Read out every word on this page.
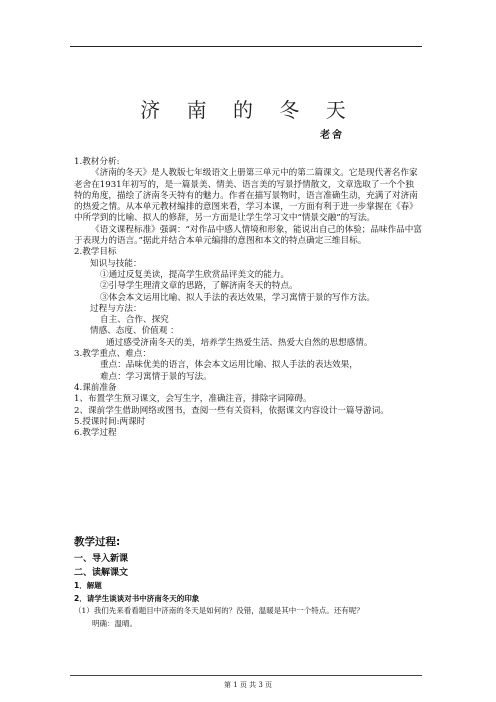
济 南 的 冬 天
老舍

1.教材分析:

《济南的冬天》是人教版七年级语文上册第三单元中的第二篇课文。它是现代著名作家老舍在1931年初写的，是一篇景美、情美、语言美的写景抒情散文，文章选取了一个个独特的角度，描绘了济南冬天特有的魅力。作者在描写景物时，语言准确生动，充满了对济南的热爱之情。从本单元教材编排的意图来看，学习本课，一方面有利于进一步掌握在《春》中所学到的比喻、拟人的修辞，另一方面是让学生学习文中“情景交融”的写法。

《语文课程标准》强调：“对作品中感人情境和形象，能说出自己的体验；品味作品中富于表现力的语言。”据此并结合本单元编排的意图和本文的特点确定三维目标。

2.教学目标

知识与技能：

①通过反复美读，提高学生欣赏品评美文的能力。

②引导学生理清文章的思路，了解济南冬天的特点。

③体会本文运用比喻、拟人手法的表达效果，学习寓情于景的写作方法。

过程与方法：

自主、合作、探究

情感、态度、价值观 ：

通过感受济南冬天的美，培养学生热爱生活、热爱大自然的思想感情。

3.教学重点、难点：

重点：品味优美的语言，体会本文运用比喻、拟人手法的表达效果，

难点：学习寓情于景的写法。

4.课前准备

1、布置学生预习课文，会写生字，准确注音，排除字词障碍。

2、课前学生借助网络或图书，查阅一些有关资料，依据课文内容设计一篇导游词。

5.授课时间:两课时

6.教学过程

教学过程:
一、导入新课
二、读解课文
1．解题
2．请学生谈谈对书中济南冬天的印象
（1）我们先来看看题目中济南的冬天是如何的？没错，温暖是其中一个特点。还有呢？
明确：温晴。
第 1 页 共 3 页
